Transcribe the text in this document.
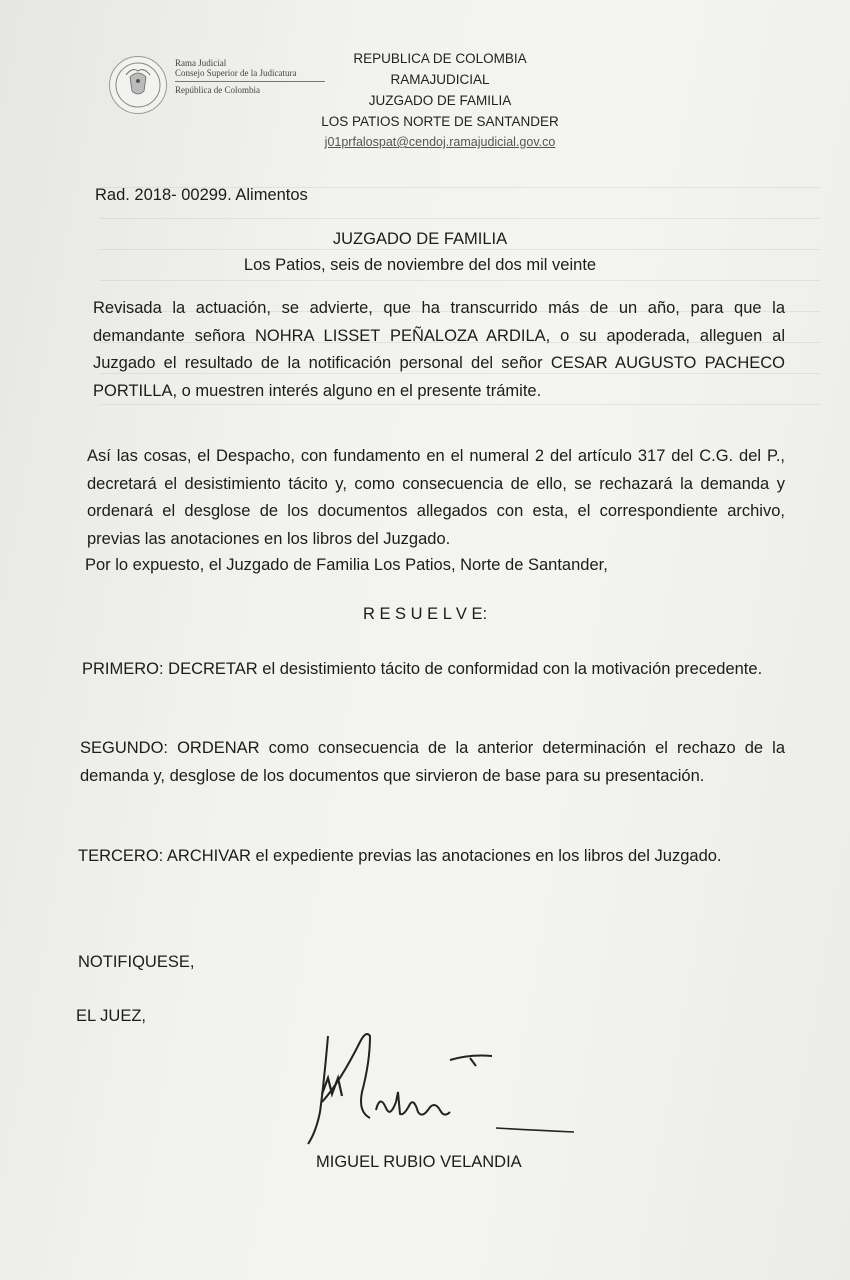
Rama Judicial
Consejo Superior de la Judicatura
República de Colombia
REPUBLICA DE COLOMBIA
RAMAJUDICIAL
JUZGADO DE FAMILIA
LOS PATIOS NORTE DE SANTANDER
j01prfalospat@cendoj.ramajudicial.gov.co
Rad. 2018- 00299. Alimentos
JUZGADO DE FAMILIA
Los Patios, seis de noviembre del dos mil veinte
Revisada la actuación, se advierte, que ha transcurrido más de un año, para que la demandante señora NOHRA LISSET PEÑALOZA ARDILA, o su apoderada, alleguen al Juzgado el resultado de la notificación personal del señor CESAR AUGUSTO PACHECO PORTILLA, o muestren interés alguno en el presente trámite.
Así las cosas, el Despacho, con fundamento en el numeral 2 del artículo 317 del C.G. del P., decretará el desistimiento tácito y, como consecuencia de ello, se rechazará la demanda y ordenará el desglose de los documentos allegados con esta, el correspondiente archivo, previas las anotaciones en los libros del Juzgado.
Por lo expuesto, el Juzgado de Familia Los Patios, Norte de Santander,
R E S U E L V E:
PRIMERO: DECRETAR el desistimiento tácito de conformidad con la motivación precedente.
SEGUNDO: ORDENAR como consecuencia de la anterior determinación el rechazo de la demanda y, desglose de los documentos que sirvieron de base para su presentación.
TERCERO: ARCHIVAR el expediente previas las anotaciones en los libros del Juzgado.
NOTIFIQUESE,
EL JUEZ,
MIGUEL RUBIO VELANDIA
